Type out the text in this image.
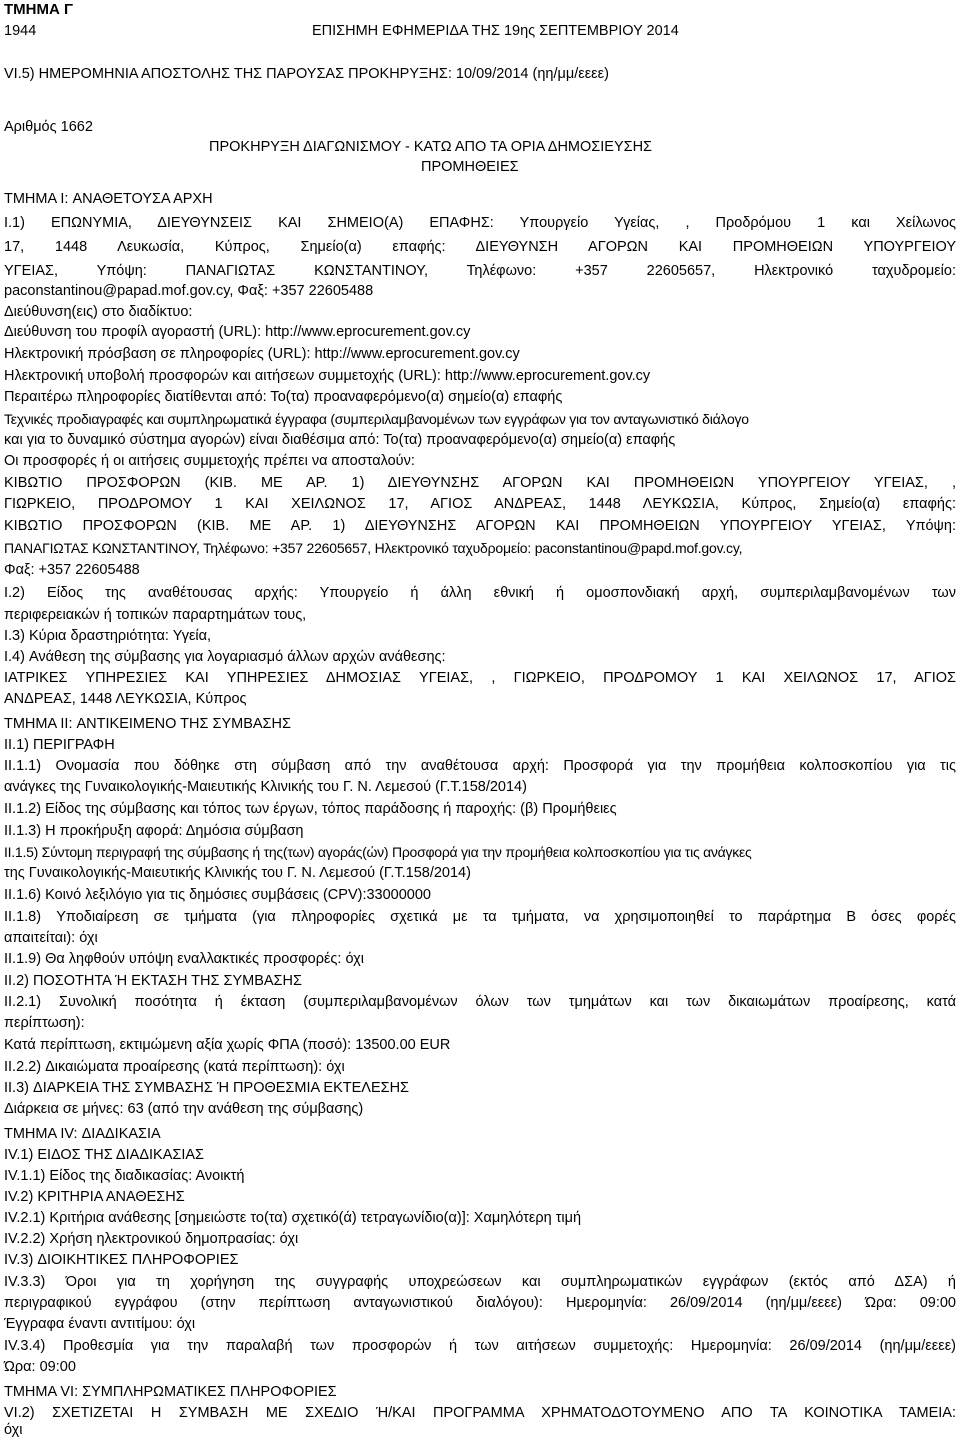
ΤΜΗΜΑ Γ
1944	ΕΠΙΣΗΜΗ ΕΦΗΜΕΡΙΔΑ ΤΗΣ 19ης ΣΕΠΤΕΜΒΡΙΟΥ 2014
VI.5) ΗΜΕΡΟΜΗΝΙΑ ΑΠΟΣΤΟΛΗΣ ΤΗΣ ΠΑΡΟΥΣΑΣ ΠΡΟΚΗΡΥΞΗΣ: 10/09/2014 (ηη/μμ/εεεε)
Αριθμός 1662
ΠΡΟΚΗΡΥΞΗ ΔΙΑΓΩΝΙΣΜΟΥ - ΚΑΤΩ ΑΠΟ ΤΑ ΟΡΙΑ ΔΗΜΟΣΙΕΥΣΗΣ
ΠΡΟΜΗΘΕΙΕΣ
ΤΜΗΜΑ I: ΑΝΑΘΕΤΟΥΣΑ ΑΡΧΗ
I.1) ΕΠΩΝΥΜΙΑ, ΔΙΕΥΘΥΝΣΕΙΣ ΚΑΙ ΣΗΜΕΙΟ(Α) ΕΠΑΦΗΣ: Υπουργείο Υγείας, , Προδρόμου 1 και Χείλωνος
17, 1448 Λευκωσία, Κύπρος, Σημείο(α) επαφής: ΔΙΕΥΘΥΝΣΗ ΑΓΟΡΩΝ ΚΑΙ ΠΡΟΜΗΘΕΙΩΝ ΥΠΟΥΡΓΕΙΟΥ
ΥΓΕΙΑΣ, Υπόψη: ΠΑΝΑΓΙΩΤΑΣ ΚΩΝΣΤΑΝΤΙΝΟΥ, Τηλέφωνο: +357 22605657, Ηλεκτρονικό ταχυδρομείο:
paconstantinou@papad.mof.gov.cy, Φαξ: +357 22605488
Διεύθυνση(εις) στο διαδίκτυο:
Διεύθυνση του προφίλ αγοραστή (URL): http://www.eprocurement.gov.cy
Ηλεκτρονική πρόσβαση σε πληροφορίες (URL): http://www.eprocurement.gov.cy
Ηλεκτρονική υποβολή προσφορών και αιτήσεων συμμετοχής (URL): http://www.eprocurement.gov.cy
Περαιτέρω πληροφορίες διατίθενται από: Το(τα) προαναφερόμενο(α) σημείο(α) επαφής
Τεχνικές προδιαγραφές και συμπληρωματικά έγγραφα (συμπεριλαμβανομένων των εγγράφων για τον ανταγωνιστικό διάλογο
και για το δυναμικό σύστημα αγορών) είναι διαθέσιμα από: Το(τα) προαναφερόμενο(α) σημείο(α) επαφής
Οι προσφορές ή οι αιτήσεις συμμετοχής πρέπει να αποσταλούν:
ΚΙΒΩΤΙΟ ΠΡΟΣΦΟΡΩΝ (ΚΙΒ. ΜΕ ΑΡ. 1) ΔΙΕΥΘΥΝΣΗΣ ΑΓΟΡΩΝ ΚΑΙ ΠΡΟΜΗΘΕΙΩΝ ΥΠΟΥΡΓΕΙΟΥ ΥΓΕΙΑΣ, ,
ΓΙΩΡΚΕΙΟ, ΠΡΟΔΡΟΜΟΥ 1 ΚΑΙ ΧΕΙΛΩΝΟΣ 17, ΑΓΙΟΣ ΑΝΔΡΕΑΣ, 1448 ΛΕΥΚΩΣΙΑ, Κύπρος, Σημείο(α) επαφής:
ΚΙΒΩΤΙΟ ΠΡΟΣΦΟΡΩΝ (ΚΙΒ. ΜΕ ΑΡ. 1) ΔΙΕΥΘΥΝΣΗΣ ΑΓΟΡΩΝ ΚΑΙ ΠΡΟΜΗΘΕΙΩΝ ΥΠΟΥΡΓΕΙΟΥ ΥΓΕΙΑΣ, Υπόψη:
ΠΑΝΑΓΙΩΤΑΣ ΚΩΝΣΤΑΝΤΙΝΟΥ, Τηλέφωνο: +357 22605657, Ηλεκτρονικό ταχυδρομείο: paconstantinou@papd.mof.gov.cy,
Φαξ: +357 22605488
I.2) Είδος της αναθέτουσας αρχής: Υπουργείο ή άλλη εθνική ή ομοσπονδιακή αρχή, συμπεριλαμβανομένων των
περιφερειακών ή τοπικών παραρτημάτων τους,
I.3) Κύρια δραστηριότητα: Υγεία,
I.4) Ανάθεση της σύμβασης για λογαριασμό άλλων αρχών ανάθεσης:
ΙΑΤΡΙΚΕΣ ΥΠΗΡΕΣΙΕΣ ΚΑΙ ΥΠΗΡΕΣΙΕΣ ΔΗΜΟΣΙΑΣ ΥΓΕΙΑΣ, , ΓΙΩΡΚΕΙΟ, ΠΡΟΔΡΟΜΟΥ 1 ΚΑΙ ΧΕΙΛΩΝΟΣ 17, ΑΓΙΟΣ
ΑΝΔΡΕΑΣ, 1448 ΛΕΥΚΩΣΙΑ, Κύπρος
ΤΜΗΜΑ II: ΑΝΤΙΚΕΙΜΕΝΟ ΤΗΣ ΣΥΜΒΑΣΗΣ
II.1) ΠΕΡΙΓΡΑΦΗ
II.1.1) Ονομασία που δόθηκε στη σύμβαση από την αναθέτουσα αρχή: Προσφορά για την προμήθεια κολποσκοπίου για τις
ανάγκες της Γυναικολογικής-Μαιευτικής Κλινικής του Γ. Ν. Λεμεσού (Γ.Τ.158/2014)
II.1.2) Είδος της σύμβασης και τόπος των έργων, τόπος παράδοσης ή παροχής: (β) Προμήθειες
II.1.3) Η προκήρυξη αφορά: Δημόσια σύμβαση
II.1.5) Σύντομη περιγραφή της σύμβασης ή της(των) αγοράς(ών) Προσφορά για την προμήθεια κολποσκοπίου για τις ανάγκες
της Γυναικολογικής-Μαιευτικής Κλινικής του Γ. Ν. Λεμεσού (Γ.Τ.158/2014)
II.1.6) Κοινό λεξιλόγιο για τις δημόσιες συμβάσεις (CPV):33000000
II.1.8) Υποδιαίρεση σε τμήματα (για πληροφορίες σχετικά με τα τμήματα, να χρησιμοποιηθεί το παράρτημα Β όσες φορές
απαιτείται): όχι
II.1.9) Θα ληφθούν υπόψη εναλλακτικές προσφορές: όχι
II.2) ΠΟΣΟΤΗΤΑ Ή ΕΚΤΑΣΗ ΤΗΣ ΣΥΜΒΑΣΗΣ
II.2.1) Συνολική ποσότητα ή έκταση (συμπεριλαμβανομένων όλων των τμημάτων και των δικαιωμάτων προαίρεσης, κατά
περίπτωση):
Κατά περίπτωση, εκτιμώμενη αξία χωρίς ΦΠΑ (ποσό): 13500.00 EUR
II.2.2) Δικαιώματα προαίρεσης (κατά περίπτωση): όχι
II.3) ΔΙΑΡΚΕΙΑ ΤΗΣ ΣΥΜΒΑΣΗΣ Ή ΠΡΟΘΕΣΜΙΑ ΕΚΤΕΛΕΣΗΣ
Διάρκεια σε μήνες: 63 (από την ανάθεση της σύμβασης)
ΤΜΗΜΑ IV: ΔΙΑΔΙΚΑΣΙΑ
IV.1) ΕΙΔΟΣ ΤΗΣ ΔΙΑΔΙΚΑΣΙΑΣ
IV.1.1) Είδος της διαδικασίας: Ανοικτή
IV.2) ΚΡΙΤΗΡΙΑ ΑΝΑΘΕΣΗΣ
IV.2.1) Κριτήρια ανάθεσης [σημειώστε το(τα) σχετικό(ά) τετραγωνίδιο(α)]: Χαμηλότερη τιμή
IV.2.2) Χρήση ηλεκτρονικού δημοπρασίας: όχι
IV.3) ΔΙΟΙΚΗΤΙΚΕΣ ΠΛΗΡΟΦΟΡΙΕΣ
IV.3.3) Όροι για τη χορήγηση της συγγραφής υποχρεώσεων και συμπληρωματικών εγγράφων (εκτός από ΔΣΑ) ή
περιγραφικού εγγράφου (στην περίπτωση ανταγωνιστικού διαλόγου): Ημερομηνία: 26/09/2014 (ηη/μμ/εεεε) Ώρα: 09:00
Έγγραφα έναντι αντιτίμου: όχι
IV.3.4) Προθεσμία για την παραλαβή των προσφορών ή των αιτήσεων συμμετοχής: Ημερομηνία: 26/09/2014 (ηη/μμ/εεεε)
Ώρα: 09:00
ΤΜΗΜΑ VI: ΣΥΜΠΛΗΡΩΜΑΤΙΚΕΣ ΠΛΗΡΟΦΟΡΙΕΣ
VI.2) ΣΧΕΤΙΖΕΤΑΙ Η ΣΥΜΒΑΣΗ ΜΕ ΣΧΕΔΙΟ Ή/ΚΑΙ ΠΡΟΓΡΑΜΜΑ ΧΡΗΜΑΤΟΔΟΤΟΥΜΕΝΟ ΑΠΟ ΤΑ ΚΟΙΝΟΤΙΚΑ ΤΑΜΕΙΑ:
όχι
